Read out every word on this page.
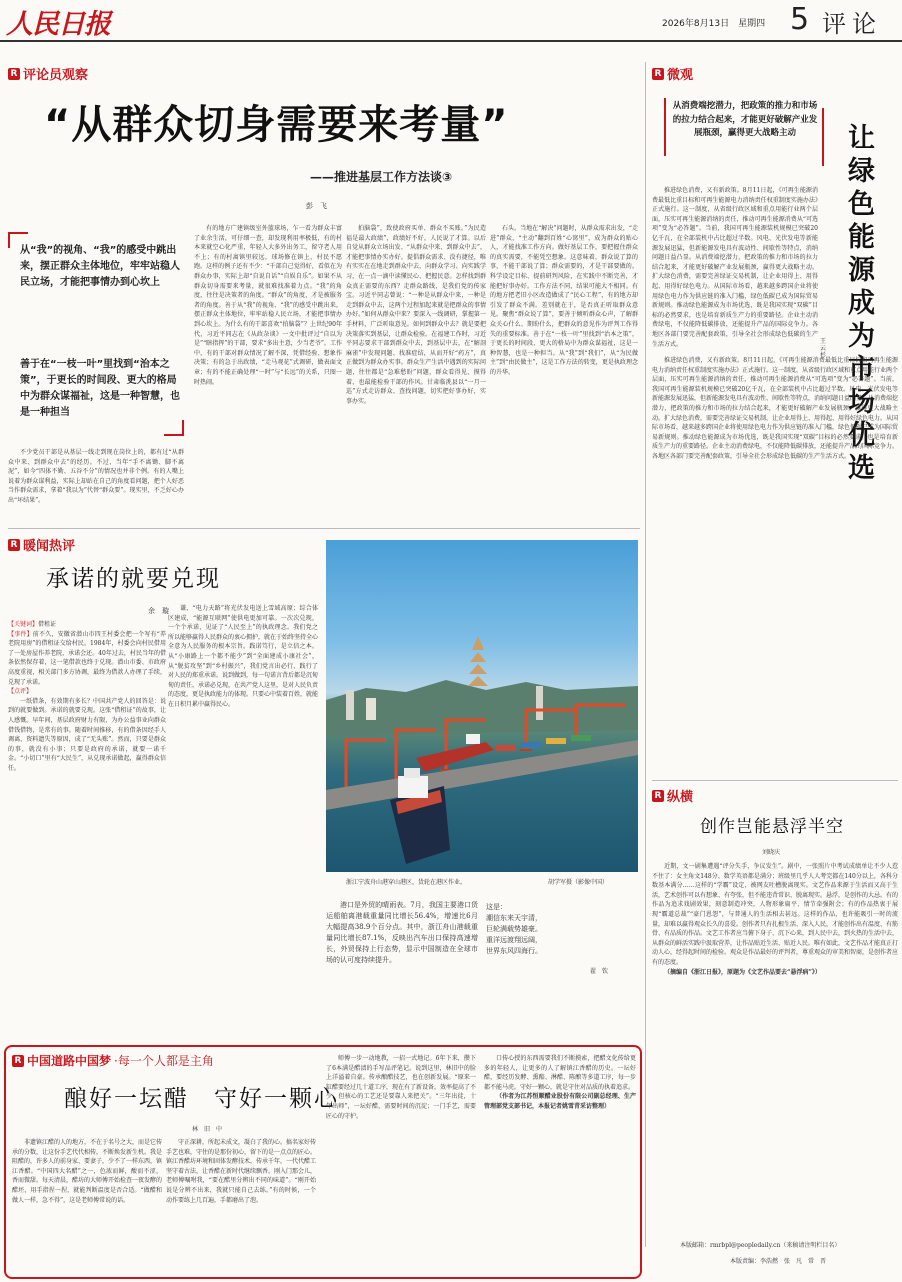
人民日报	2026年8月13日　星期四 5 评论
R 评论员观察
“从群众切身需要来考量”
——推进基层工作方法谈③
彭　飞
从“我”的视角、“我”的感受中跳出来，摆正群众主体地位，牢牢站稳人民立场，才能把事情办到心坎上
善于在“一枝一叶”里找到“治本之策”，于更长的时间段、更大的格局中为群众谋福祉，这是一种智慧，也是一种担当

不少党员干部是从基层一线走到现在岗位上的，都有过“从群众中来、到群众中去”的经历。不过，当年“手不离锄、脚不离泥”，如今“四体不勤、五谷不分”的情况也并非个例。有的人嘴上说着为群众谋利益，实际上却站在自己的角度看问题，把个人好恶当作群众需求，拿着“我以为”代替“群众要”。现实里，不乏好心办出“坏结果”。

有的地方广建镇级室外篮球场，乍一看为群众丰富了业余生活，可仔细一查，却发现利用率极低，有的村本来就空心化严重，年轻人大多外出务工，留守老人用不上；有的村离镇里较远，球场修在镇上，村民不愿跑。这样的例子还有不少：“千部自己觉得好，看似在为群众办事，实际上却“自说自话”“自娱自乐”。如果不从群众切身需要来考量，就很难找准着力点。“我”的角度，往往是决策者的角度。“群众”的角度，才是被服务者的角度。善于从“我”的视角、“我”的感受中跳出来，摆正群众主体地位，牢牢站稳人民立场，才能把事情办到心坎上。为什么有的干部喜欢“拍脑袋”？上世纪90年代，习近平同志在《从政杂谈》一文中批评过“自以为是”“瞎指挥”的干部，要求“多出主意，少当老爷”。工作中，有的干部对群众情况了解不深，凭借经验、想象作决策；有的急于出政绩，“走马观花”式调研，做表面文章；有的不能正确处理“一时”与“长远”的关系，只图一时热闹。

拍脑袋”，致使政府买单、群众不买账。”为民造福是最大政绩”，政绩好不好，人民说了才算。以后自觉从群众立场出发、“从群众中来、到群众中去”，才能把事情办实办好。提倡群众需求、没有捷径，唯有实实在在地走到群众中去，向群众学习、向实践学习，在一点一滴中读懂民心、把握民意。怎样找到群众真正需要的东西？走群众路线，是我们党的传家宝。习近平同志曾说：“一种是从群众中来，一种是走到群众中去，这两个过程加起来就是把群众的事情办好。”如何从群众中来？要深入一线调研，掌握第一手材料，广泛听取意见。如何到群众中去？就是要把决策落实到基层，让群众检验。在福建工作时，习近平同志要求干部到群众中去，到基层中去，在“解剖麻雀”中发现问题、找准症结，从而开好“药方”，真正做到为群众办实事。群众生产生活中遇到的实际问题，往往都是“急难愁盼”问题，群众看得见、摸得着，也最能检验干部的作风。甘肃临洮县以“一月一巡”方式走访群众、查找问题，切实把好事办好，实事办实。

石头。当地在“解决”问题时，从群众需求出发，“走进”群众，“主动”翻到百姓“心窝里”，成为群众的贴心人，才能找准工作方向。做好基层工作，要把握住群众的真实需要，不能凭空想象。这意味着，群众说了算的事，不能干部说了算；群众需要的，才是干部要做的。科学设定目标、提前研判风险，在实践中不断完善，才能把好事办好。工作方法不同，结果可能大不相同。有的地方把老旧小区改造做成了“民心工程”，有的地方却引发了群众不满。差别就在于，是否真正听取群众意见。聚焦“群众说了算”，要善于倾听群众心声，了解群众关心什么、期盼什么，把群众的意见作为评判工作得失的重要标准。善于在“一枝一叶”里找到“治本之策”，于更长的时间段、更大的格局中为群众谋福祉，这是一种智慧，也是一种担当。从“我”到“我们”，从“为民做主”到“由民做主”，这是工作方法的转变，更是执政理念的升华。

R 暖闻热评
承诺的就要兑现
余　璇
【关键词】借租证
【事件】前不久，安徽省潜山市四王村委会把一个写有“养老院用房”的借租证交给村民。1984年，村委会向村民借用了一处房屋作养老院，承诺会还。40年过去，村民当年的借条依然保存着，这一笔借款也终于兑现。潜山市委、市政府高度重视，相关部门多方协调，最终为借款人办理了手续，兑现了承诺。
【点评】

一纸借条，有效期有多长？中国共产党人的回答是：说到的就要做到。承诺的就要兑现。这张“借租证”的故事，让人感慨。早年间，基层政府财力有限，为办公益事业向群众借钱借物，是常有的事。随着时间推移，有的借条因经手人调离、资料遗失等原因，成了“无头账”。然而，只要是群众的事，就没有小事；只要是政府的承诺，就要一诺千金。“小切口”里有“大民生”，从兑现承诺做起，赢得群众信任。

谦，“电力天路”将光伏发电送上雪域高原；综合体区建成，“能源互联网”使供电更加可靠。一次次兑现，一个个承诺，见证了“人民至上”的执政理念。我们党之所以能够赢得人民群众的衷心拥护，就在于始终坚持全心全意为人民服务的根本宗旨。践诺笃行，是立信之本。从“小康路上一个都不能少”到“全面建成小康社会”，从“脱贫攻坚”到“乡村振兴”，我们党言出必行，践行了对人民的郑重承诺。说到做到，每一句诺言背后都是沉甸甸的责任。承诺必兑现，在共产党人这里，是对人民负责的态度，更是执政能力的体现。只要心中装着百姓，就能在日积月累中赢得民心。

浙江宁波舟山港穿山港区，货轮在港区作业。	胡学军摄（影像中国）

港口是外贸的晴雨表。7月，我国主要港口货运船舶离港载重量同比增长56.4%，增速比6月大幅提高38.9个百分点。其中，浙江舟山港载重量同比增长87.1%，反映出汽车出口保持高速增长，外贸保持上行态势，显示中国制造在全球市场的认可度持续提升。

这是：
潮信东来天宇清，
巨轮满载势雄豪。
重洋远渡翔远阔，
世界东风四海行。
翟　钦
R 中国道路中国梦 ·每一个人都是主角
酿好一坛醋　守好一颗心
林　旧　中

非遗镇江醋的人的地方，不在于名号之大，而是它传承的分数，让这份手艺代代相传，不断焕发新生机。我是阻醋的，许多人的前身家、要妻子，少不了一样东西，镇江香醋。“中国四大名醋”之一，色浓而鲜，酸而不涩，香而微甜。每天清晨，醋坊的大师傅开始检查一夜发酵的醋坯，用手指捏一捏，就能判断温度是否合适。“做醋和做人一样，急不得”，这是老师傅常说的话。

守正深耕，所起未成文，凝白了我的心。搞名家好传手艺也难，守住的是那份初心，留下的是一点点的匠心。镇江香醋坊环境和固体发酵技术，传承千年，一代代醋工坚守着古法，让香醋在新时代继续飘香。刚入门那会儿，老师傅嘱咐我，“要在醋里分辨出不同的味道”。“刚开始说是分辨不出来，我就只能自己去练。”有的时候，一个动作要练上几百遍，手都磨出了泡。

师傅一步一动地教，一招一式地记。6年下来，攒下了6本满是醋渍的手写品评笔记。说到这里，林旧中的脸上洋溢着自豪。传承酿醋技艺，也在创新发展。“原来一缸醋要经过几十道工序，现在有了新设备，效率提高了不少，但核心的工艺还是要靠人来把关”。“三年出徒，十年出师”，一坛好醋，需要时间的沉淀；一门手艺，需要匠心的守护。

口传心授的东西需要我们不断摸索，把醋文化传给更多的年轻人，让更多的人了解镇江香醋的历史。一坛好醋，要经历发酵、熏醅、淋醋、陈酿等多道工序，每一步都不能马虎。守好一颗心，就是守住对品质的执着追求。

（作者为江苏恒顺醋业股份有限公司副总经理、生产管理部党支部书记，本报记者姚雪青采访整理）

R 微观
从消费端挖潜力，把政策的推力和市场的拉力结合起来，才能更好破解产业发展瓶颈，赢得更大战略主动	让绿色能源成为市场优选
王云杉

推进绿色消费，又有新政策。8月11日起，《可再生能源消费最低比重目标和可再生能源电力消纳责任权重制度实施办法》正式施行。这一制度，从省级行政区域和重点用能行业两个层面，压实可再生能源消纳的责任，推动可再生能源消费从“可选项”变为“必答题”。当前，我国可再生能源装机规模已突破20亿千瓦，在全部装机中占比超过半数。风电、光伏发电等新能源发展迅猛，但新能源发电具有波动性、间歇性等特点，消纳问题日益凸显。从消费端挖潜力，把政策的推力和市场的拉力结合起来，才能更好破解产业发展瓶颈，赢得更大战略主动。扩大绿色消费，需要完善绿证交易机制，让企业用得上、用得起、用得好绿色电力。从国际市场看，越来越多跨国企业将使用绿色电力作为供应链的准入门槛，绿色低碳已成为国际贸易新规则。推动绿色能源成为市场优选，既是我国实现“双碳”目标的必然要求，也是培育新质生产力的重要路径。企业主动消费绿电，不仅能降低碳排放，还能提升产品的国际竞争力。各地区各部门要完善配套政策，引导全社会形成绿色低碳的生产生活方式。

推进绿色消费，又有新政策。8月11日起，《可再生能源消费最低比重目标和可再生能源电力消纳责任权重制度实施办法》正式施行。这一制度，从省级行政区域和重点用能行业两个层面，压实可再生能源消纳的责任，推动可再生能源消费从“可选项”变为“必答题”。当前，我国可再生能源装机规模已突破20亿千瓦，在全部装机中占比超过半数。风电、光伏发电等新能源发展迅猛，但新能源发电具有波动性、间歇性等特点，消纳问题日益凸显。从消费端挖潜力，把政策的推力和市场的拉力结合起来，才能更好破解产业发展瓶颈，赢得更大战略主动。扩大绿色消费，需要完善绿证交易机制，让企业用得上、用得起、用得好绿色电力。从国际市场看，越来越多跨国企业将使用绿色电力作为供应链的准入门槛，绿色低碳已成为国际贸易新规则。推动绿色能源成为市场优选，既是我国实现“双碳”目标的必然要求，也是培育新质生产力的重要路径。企业主动消费绿电，不仅能降低碳排放，还能提升产品的国际竞争力。各地区各部门要完善配套政策，引导全社会形成绿色低碳的生产生活方式。

R 纵横
创作岂能悬浮半空
刘晓庆

近期，文一剧集遭遇“评分失手，争议发生”。剧中，一张照片中考试成绩单让不少人惹不住了：女主角文148分、数学英语都是满分；班级里几乎人人考完都在140分以上，各科分数基本满分……这样的“学霸”设定，被网友吐槽脱离现实。文艺作品来源于生活而又高于生活，艺术创作可以有想象、有夸张，但不能违背常识、脱离现实。悬浮，是创作的大忌。有的作品为追求戏剧效果，刻意制造冲突，人物形象扁平、情节牵强附会；有的作品热衷于展现“霸道总裁”“豪门恩怨”，与普通人的生活相去甚远。这样的作品，也许能吸引一时的流量，却难以赢得观众长久的喜爱。创作者只有扎根生活、深入人民，才能创作出有温度、有筋骨、有品质的作品。文艺工作者应当俯下身子、沉下心来，到人民中去，到火热的生活中去，从群众的鲜活实践中汲取营养，让作品贴近生活、贴近人民。唯有如此，文艺作品才能真正打动人心，经得起时间的检验。观众是作品最好的评判者，尊重观众的审美和智商，是创作者应有的态度。

（摘编自《浙江日报》，原题为《文艺作品要去“悬浮病”》）

本版邮箱：rmrbpl@peopledaily.cn（来稿请注明栏目名）
本版责编：李浩燃　张　凡　常　晋
